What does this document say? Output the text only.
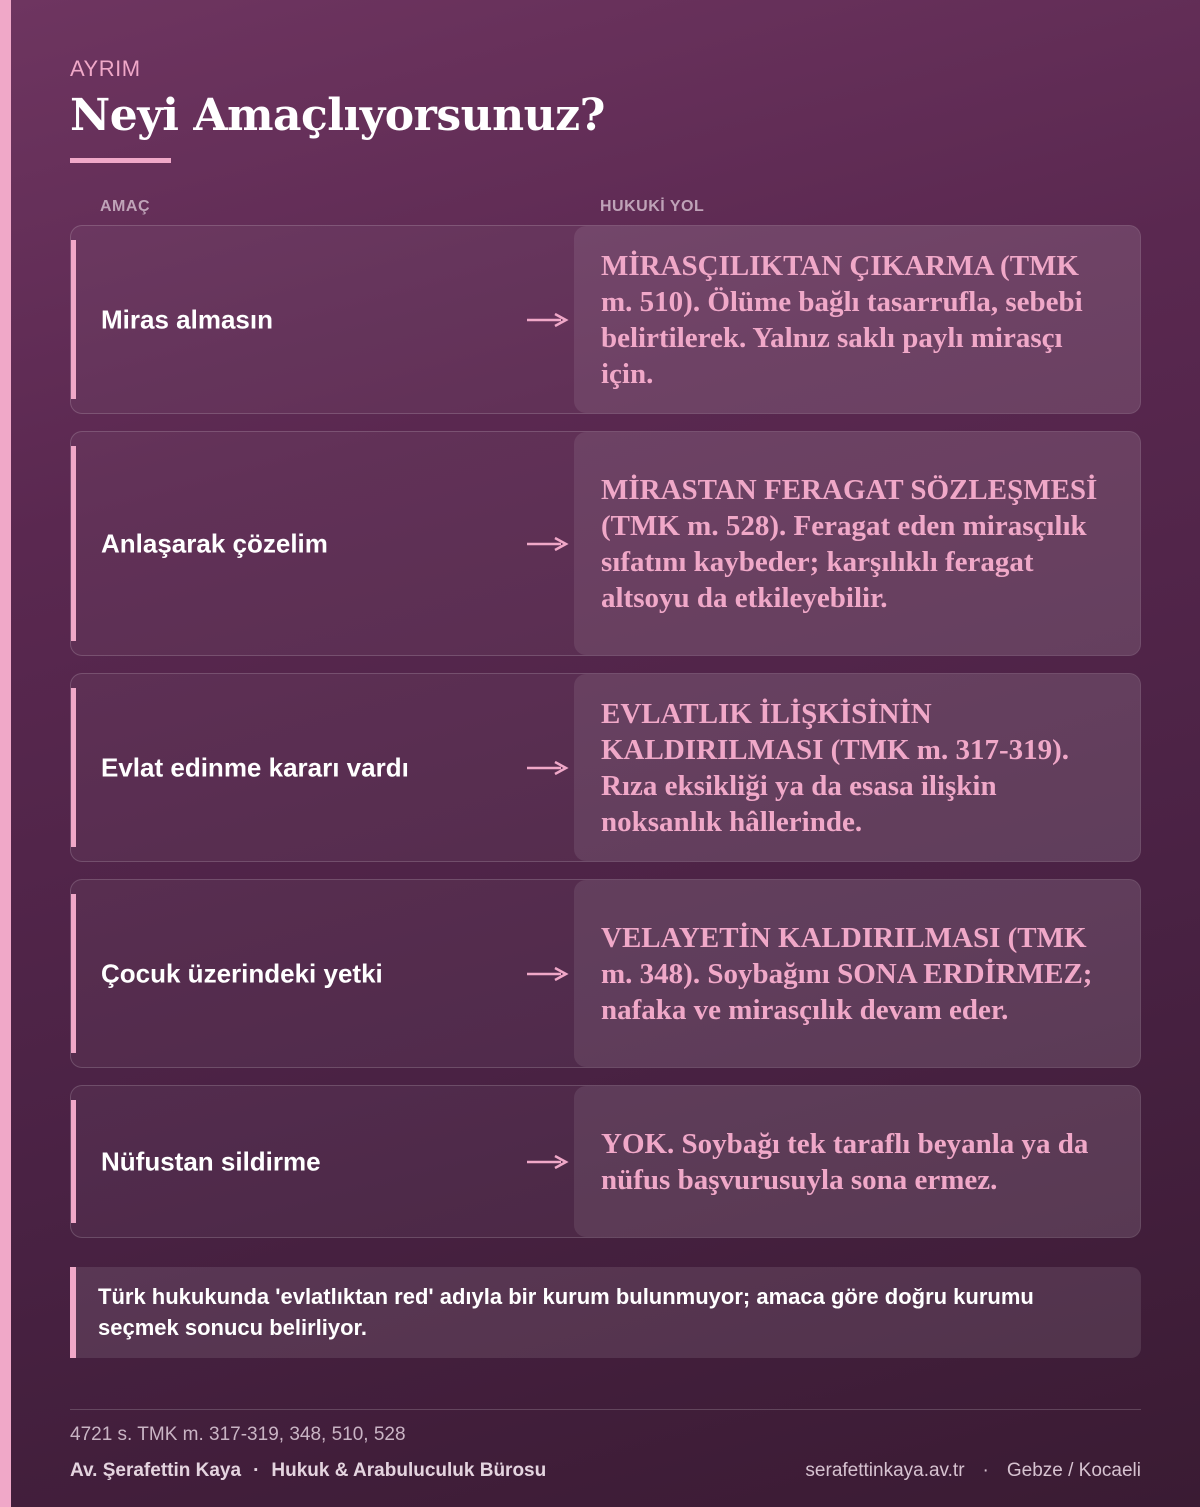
AYRIM
Neyi Amaçlıyorsunuz?
AMAÇ	HUKUKİ YOL
Miras almasın
MİRASÇILIKTAN ÇIKARMA (TMK m. 510). Ölüme bağlı tasarrufla, sebebi belirtilerek. Yalnız saklı paylı mirasçı için.
Anlaşarak çözelim
MİRASTAN FERAGAT SÖZLEŞMESİ (TMK m. 528). Feragat eden mirasçılık sıfatını kaybeder; karşılıklı feragat altsoyu da etkileyebilir.
Evlat edinme kararı vardı
EVLATLIK İLİŞKİSİNİN KALDIRILMASI (TMK m. 317-319). Rıza eksikliği ya da esasa ilişkin noksanlık hâllerinde.
Çocuk üzerindeki yetki
VELAYETİN KALDIRILMASI (TMK m. 348). Soybağını SONA ERDİRMEZ; nafaka ve mirasçılık devam eder.
Nüfustan sildirme
YOK. Soybağı tek taraflı beyanla ya da nüfus başvurusuyla sona ermez.
Türk hukukunda 'evlatlıktan red' adıyla bir kurum bulunmuyor; amaca göre doğru kurumu seçmek sonucu belirliyor.
4721 s. TMK m. 317-319, 348, 510, 528
Av. Şerafettin Kaya · Hukuk & Arabuluculuk Bürosu	serafettinkaya.av.tr · Gebze / Kocaeli
